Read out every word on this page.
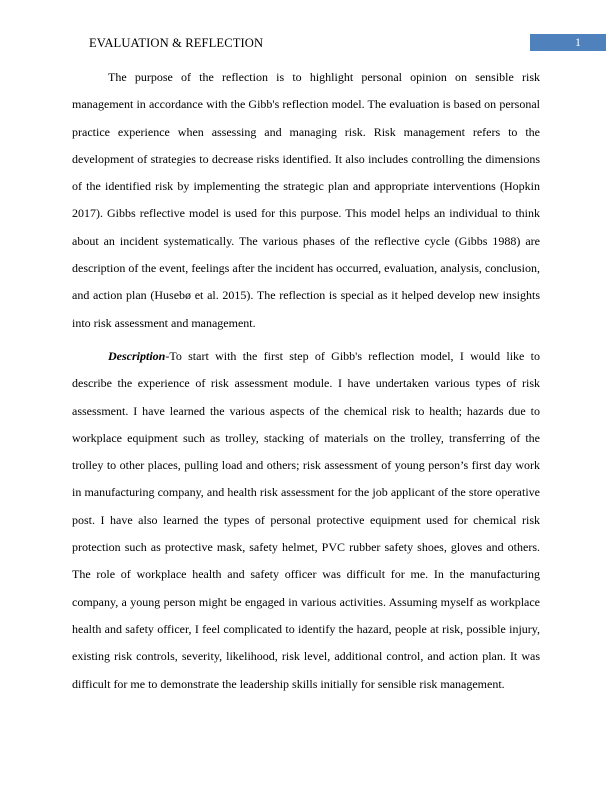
EVALUATION & REFLECTION	1

The purpose of the reflection is to highlight personal opinion on sensible risk management in accordance with the Gibb's reflection model. The evaluation is based on personal practice experience when assessing and managing risk. Risk management refers to the development of strategies to decrease risks identified. It also includes controlling the dimensions of the identified risk by implementing the strategic plan and appropriate interventions (Hopkin 2017). Gibbs reflective model is used for this purpose. This model helps an individual to think about an incident systematically. The various phases of the reflective cycle (Gibbs 1988) are description of the event, feelings after the incident has occurred, evaluation, analysis, conclusion, and action plan (Husebø et al. 2015). The reflection is special as it helped develop new insights into risk assessment and management.

Description-To start with the first step of Gibb's reflection model, I would like to describe the experience of risk assessment module. I have undertaken various types of risk assessment. I have learned the various aspects of the chemical risk to health; hazards due to workplace equipment such as trolley, stacking of materials on the trolley, transferring of the trolley to other places, pulling load and others; risk assessment of young person’s first day work in manufacturing company, and health risk assessment for the job applicant of the store operative post. I have also learned the types of personal protective equipment used for chemical risk protection such as protective mask, safety helmet, PVC rubber safety shoes, gloves and others. The role of workplace health and safety officer was difficult for me. In the manufacturing company, a young person might be engaged in various activities. Assuming myself as workplace health and safety officer, I feel complicated to identify the hazard, people at risk, possible injury, existing risk controls, severity, likelihood, risk level, additional control, and action plan. It was difficult for me to demonstrate the leadership skills initially for sensible risk management.
